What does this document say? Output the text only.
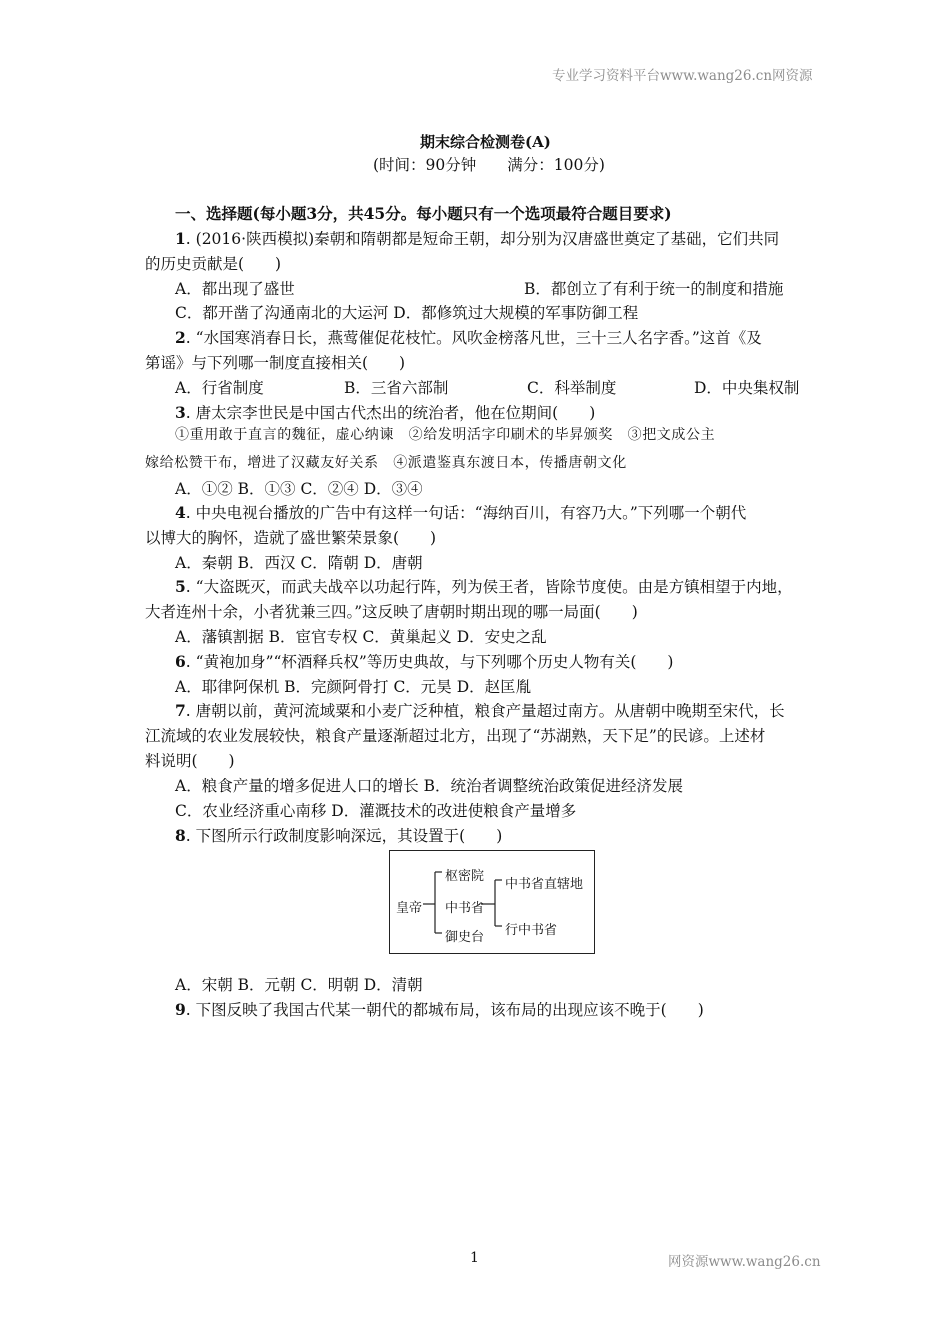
专业学习资料平台www.wang26.cn网资源
期末综合检测卷(A)
(时间：90分钟　　满分：100分)
一、选择题(每小题3分，共45分。每小题只有一个选项最符合题目要求)
1. (2016·陕西模拟)秦朝和隋朝都是短命王朝，却分别为汉唐盛世奠定了基础，它们共同
的历史贡献是(　　)
A．都出现了盛世	B．都创立了有利于统一的制度和措施
C．都开凿了沟通南北的大运河 D．都修筑过大规模的军事防御工程
2. “水国寒消春日长，燕莺催促花枝忙。风吹金榜落凡世，三十三人名字香。”这首《及
第谣》与下列哪一制度直接相关(　　)
A．行省制度	B．三省六部制	C．科举制度	D．中央集权制
3. 唐太宗李世民是中国古代杰出的统治者，他在位期间(　　)
①重用敢于直言的魏征，虚心纳谏　②给发明活字印刷术的毕昇颁奖　③把文成公主
嫁给松赞干布，增进了汉藏友好关系　④派遣鉴真东渡日本，传播唐朝文化
A．①② B．①③ C．②④ D．③④
4. 中央电视台播放的广告中有这样一句话：“海纳百川，有容乃大。”下列哪一个朝代
以博大的胸怀，造就了盛世繁荣景象(　　)
A．秦朝 B．西汉 C．隋朝 D．唐朝
5. “大盗既灭，而武夫战卒以功起行阵，列为侯王者，皆除节度使。由是方镇相望于内地，
大者连州十余，小者犹兼三四。”这反映了唐朝时期出现的哪一局面(　　)
A．藩镇割据 B．宦官专权 C．黄巢起义 D．安史之乱
6. “黄袍加身”“杯酒释兵权”等历史典故，与下列哪个历史人物有关(　　)
A．耶律阿保机 B．完颜阿骨打 C．元昊 D．赵匡胤
7. 唐朝以前，黄河流域粟和小麦广泛种植，粮食产量超过南方。从唐朝中晚期至宋代，长
江流域的农业发展较快，粮食产量逐渐超过北方，出现了“苏湖熟，天下足”的民谚。上述材
料说明(　　)
A．粮食产量的增多促进人口的增长 B．统治者调整统治政策促进经济发展
C．农业经济重心南移 D．灌溉技术的改进使粮食产量增多
8. 下图所示行政制度影响深远，其设置于(　　)
皇帝
枢密院
中书省
御史台
中书省直辖地
行中书省
A．宋朝 B．元朝 C．明朝 D．清朝
9. 下图反映了我国古代某一朝代的都城布局，该布局的出现应该不晚于(　　)
1	网资源www.wang26.cn
